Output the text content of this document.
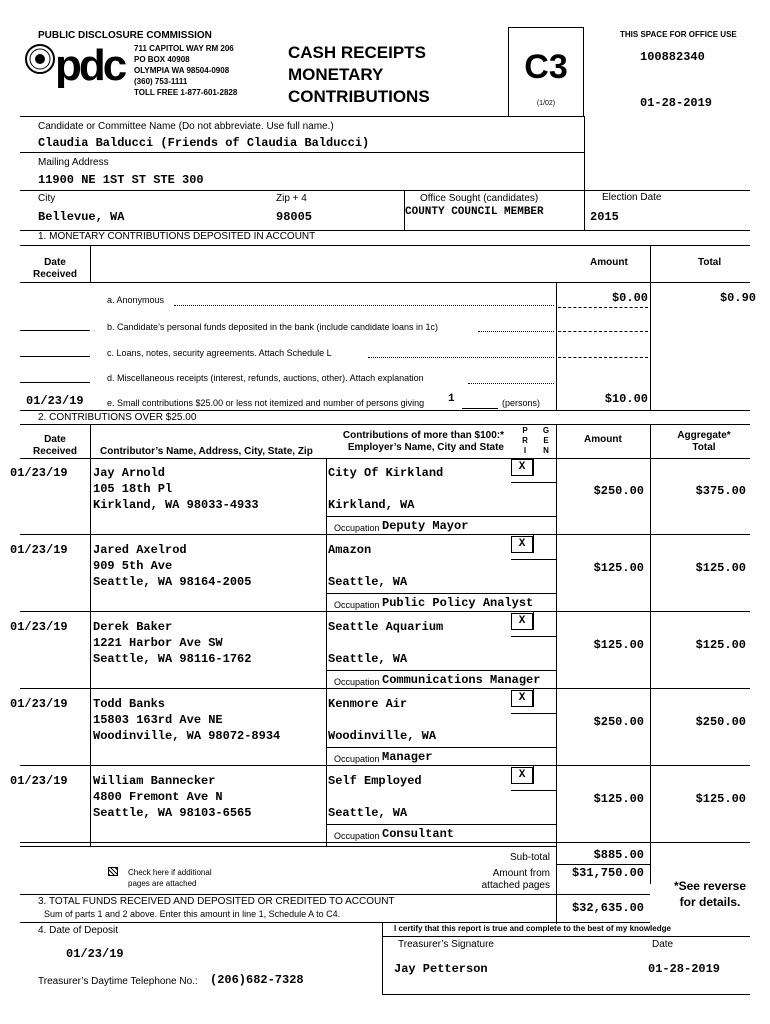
PUBLIC DISCLOSURE COMMISSION
pdc	711 CAPITOL WAY RM 206
PO BOX 40908
OLYMPIA WA 98504-0908
(360) 753-1111
TOLL FREE 1-877-601-2828
CASH RECEIPTS
MONETARY
CONTRIBUTIONS
C3
(1/02)
THIS SPACE FOR OFFICE USE
100882340
01-28-2019
Candidate or Committee Name (Do not abbreviate. Use full name.)
Claudia Balducci (Friends of Claudia Balducci)
Mailing Address
11900 NE 1ST ST STE 300
City
Bellevue, WA
Zip + 4
98005
Office Sought (candidates)
COUNTY COUNCIL MEMBER
Election Date
2015
1. MONETARY CONTRIBUTIONS DEPOSITED IN ACCOUNT
Date
Received
Amount	Total
a. Anonymous	$0.00	$0.90
b. Candidate’s personal funds deposited in the bank (include candidate loans in 1c)
c. Loans, notes, security agreements. Attach Schedule L
d. Miscellaneous receipts (interest, refunds, auctions, other). Attach explanation
01/23/19	e. Small contributions $25.00 or less not itemized and number of persons giving 1	(persons)	$10.00
2. CONTRIBUTIONS OVER $25.00
Date
Received	Contributor’s Name, Address, City, State, Zip
Contributions of more than $100:*
Employer’s Name, City and State
P
R
I
G
E
N
Amount	Aggregate*
Total
01/23/19 Jay Arnold
105 18th Pl
Kirkland, WA 98033-4933
City Of Kirkland
Kirkland, WA
Occupation Deputy Mayor
X
$250.00	$375.00
01/23/19 Jared Axelrod
909 5th Ave
Seattle, WA 98164-2005
Amazon
Seattle, WA
Occupation Public Policy Analyst
X
$125.00	$125.00
01/23/19 Derek Baker
1221 Harbor Ave SW
Seattle, WA 98116-1762
Seattle Aquarium
Seattle, WA
Occupation Communications Manager
X
$125.00	$125.00
01/23/19 Todd Banks
15803 163rd Ave NE
Woodinville, WA 98072-8934
Kenmore Air
Woodinville, WA
Occupation Manager
X
$250.00	$250.00
01/23/19 William Bannecker
4800 Fremont Ave N
Seattle, WA 98103-6565
Self Employed
Seattle, WA
Occupation Consultant
X
$125.00	$125.00
Check here if additional
pages are attached
Sub-total	$885.00
Amount from
attached pages
$31,750.00
*See reverse
for details.
3. TOTAL FUNDS RECEIVED AND DEPOSITED OR CREDITED TO ACCOUNT
Sum of parts 1 and 2 above. Enter this amount in line 1, Schedule A to C4.	$32,635.00
4. Date of Deposit
01/23/19
I certify that this report is true and complete to the best of my knowledge
Treasurer’s Signature	Date
Jay Petterson	01-28-2019
Treasurer’s Daytime Telephone No.: (206)682-7328
